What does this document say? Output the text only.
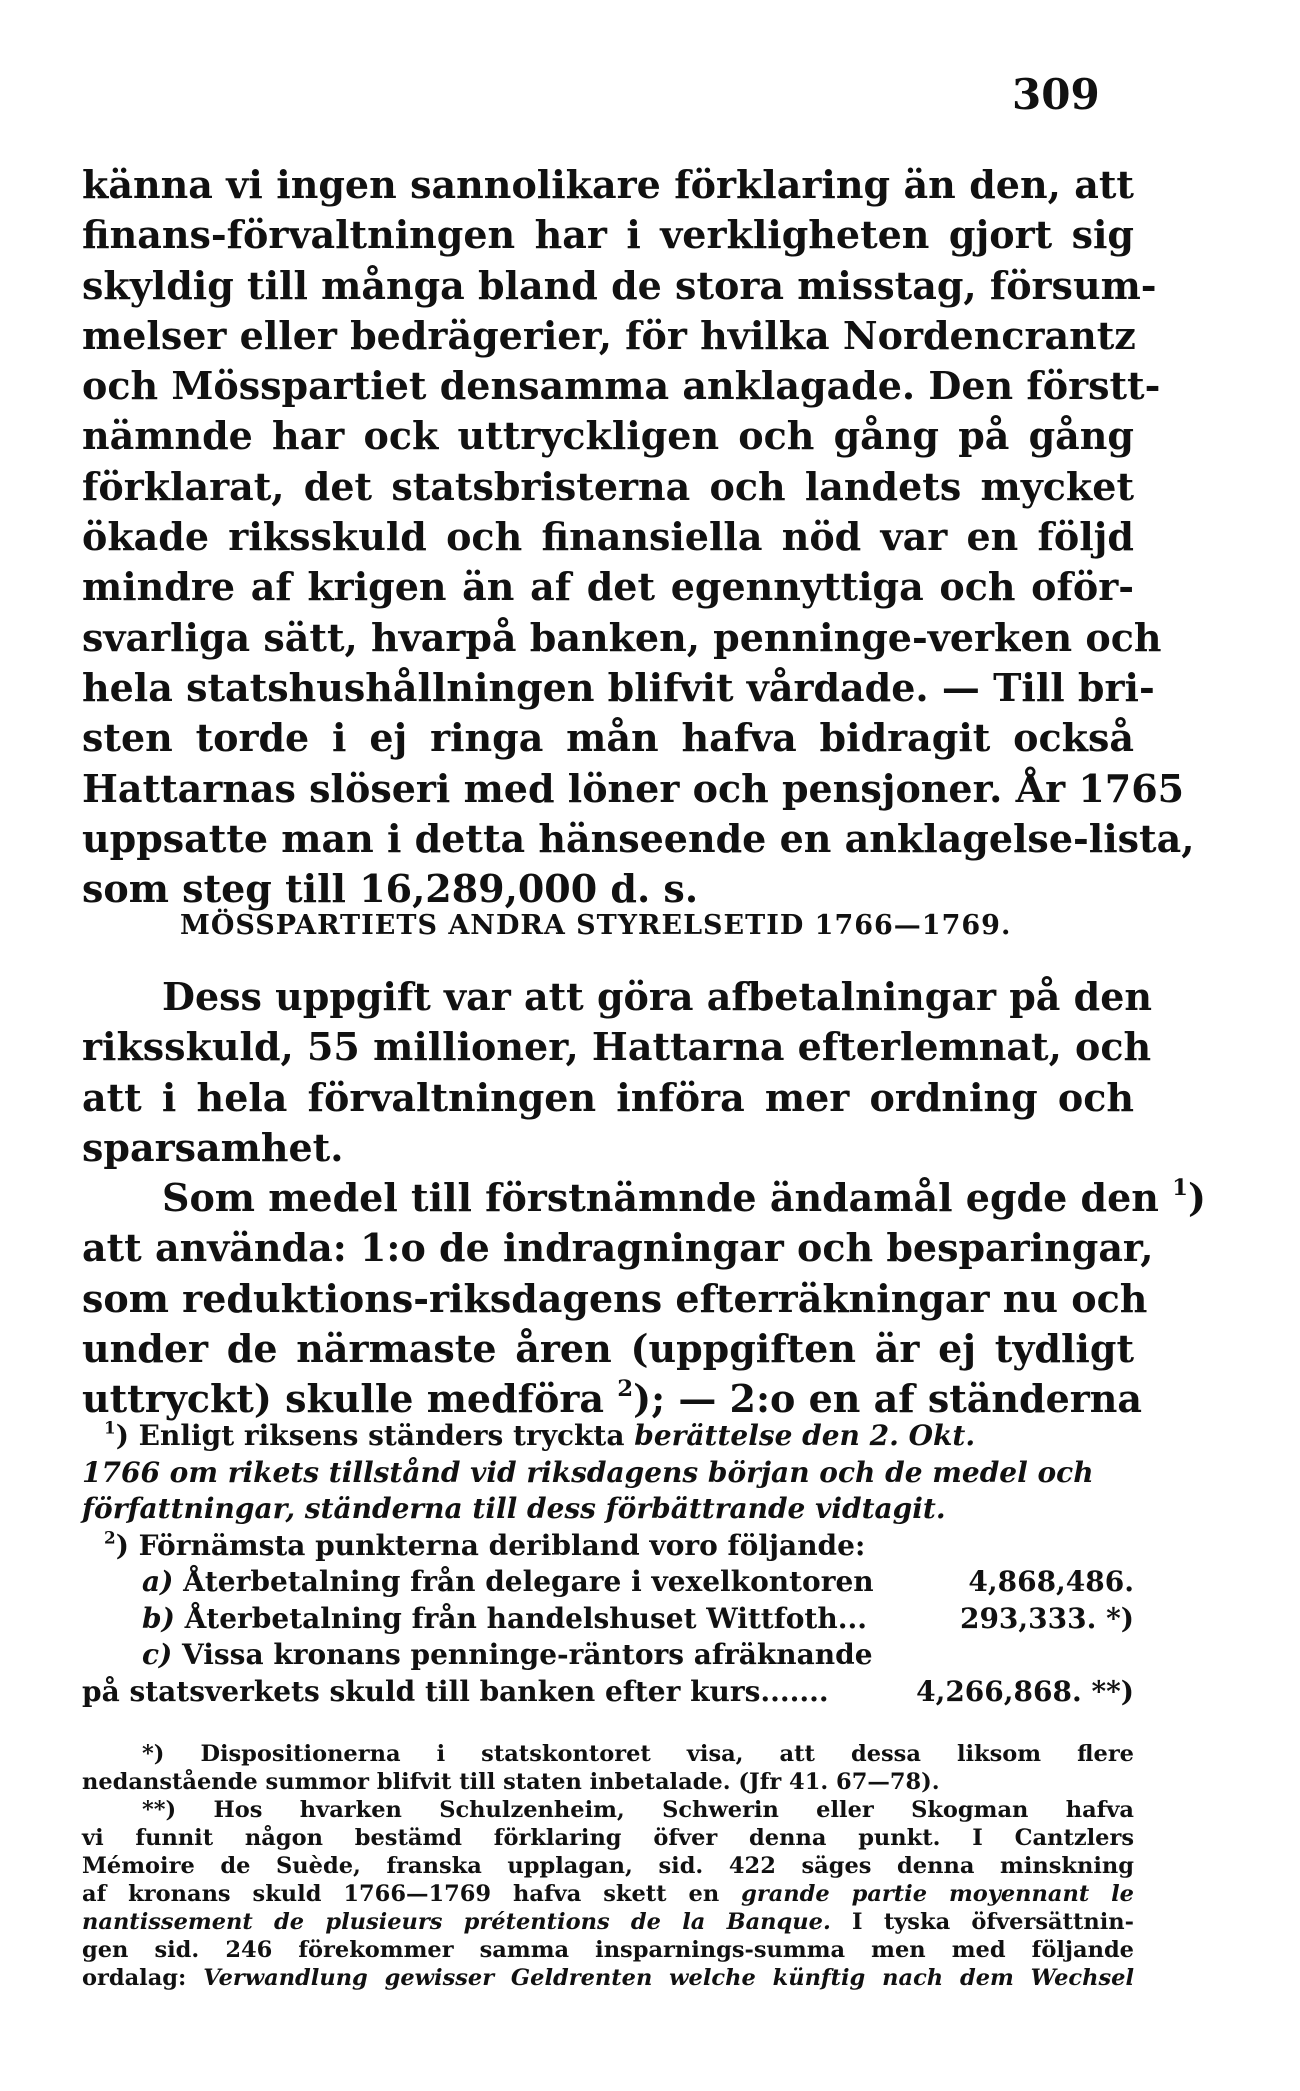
309
känna vi ingen sannolikare förklaring än den, att
finans-förvaltningen har i verkligheten gjort sig
skyldig till många bland de stora misstag, försum-
melser eller bedrägerier, för hvilka Nordencrantz
och Mösspartiet densamma anklagade. Den förstt-
nämnde har ock uttryckligen och gång på gång
förklarat, det statsbristerna och landets mycket
ökade riksskuld och finansiella nöd var en följd
mindre af krigen än af det egennyttiga och oför-
svarliga sätt, hvarpå banken, penninge-verken och
hela statshushållningen blifvit vårdade. — Till bri-
sten torde i ej ringa mån hafva bidragit också
Hattarnas slöseri med löner och pensjoner. År 1765
uppsatte man i detta hänseende en anklagelse-lista,
som steg till 16,289,000 d. s.
MÖSSPARTIETS ANDRA STYRELSETID 1766—1769.
Dess uppgift var att göra afbetalningar på den
riksskuld, 55 millioner, Hattarna efterlemnat, och
att i hela förvaltningen införa mer ordning och
sparsamhet.
Som medel till förstnämnde ändamål egde den $^1$)
att använda: 1:o de indragningar och besparingar,
som reduktions-riksdagens efterräkningar nu och
under de närmaste åren (uppgiften är ej tydligt
uttryckt) skulle medföra $^2$); — 2:o en af ständerna
$^1$) Enligt riksens ständers tryckta berättelse den 2. Okt.
1766 om rikets tillstånd vid riksdagens början och de medel och
författningar, ständerna till dess förbättrande vidtagit.
$^2$) Förnämsta punkterna deribland voro följande:
a) Återbetalning från delegare i vexelkontoren	4,868,486.
b) Återbetalning från handelshuset Wittfoth...	293,333. *)
c) Vissa kronans penninge-räntors afräknande
på statsverkets skuld till banken efter kurs.......	4,266,868. **)
*) Dispositionerna i statskontoret visa, att dessa liksom flere
nedanstående summor blifvit till staten inbetalade. (Jfr 41. 67—78).
**) Hos hvarken Schulzenheim, Schwerin eller Skogman hafva
vi funnit någon bestämd förklaring öfver denna punkt. I Cantzlers
Mémoire de Suède, franska upplagan, sid. 422 säges denna minskning
af kronans skuld 1766—1769 hafva skett en grande partie moyennant le
nantissement de plusieurs prétentions de la Banque. I tyska öfversättnin-
gen sid. 246 förekommer samma insparnings-summa men med följande
ordalag: Verwandlung gewisser Geldrenten welche künftig nach dem Wechsel
